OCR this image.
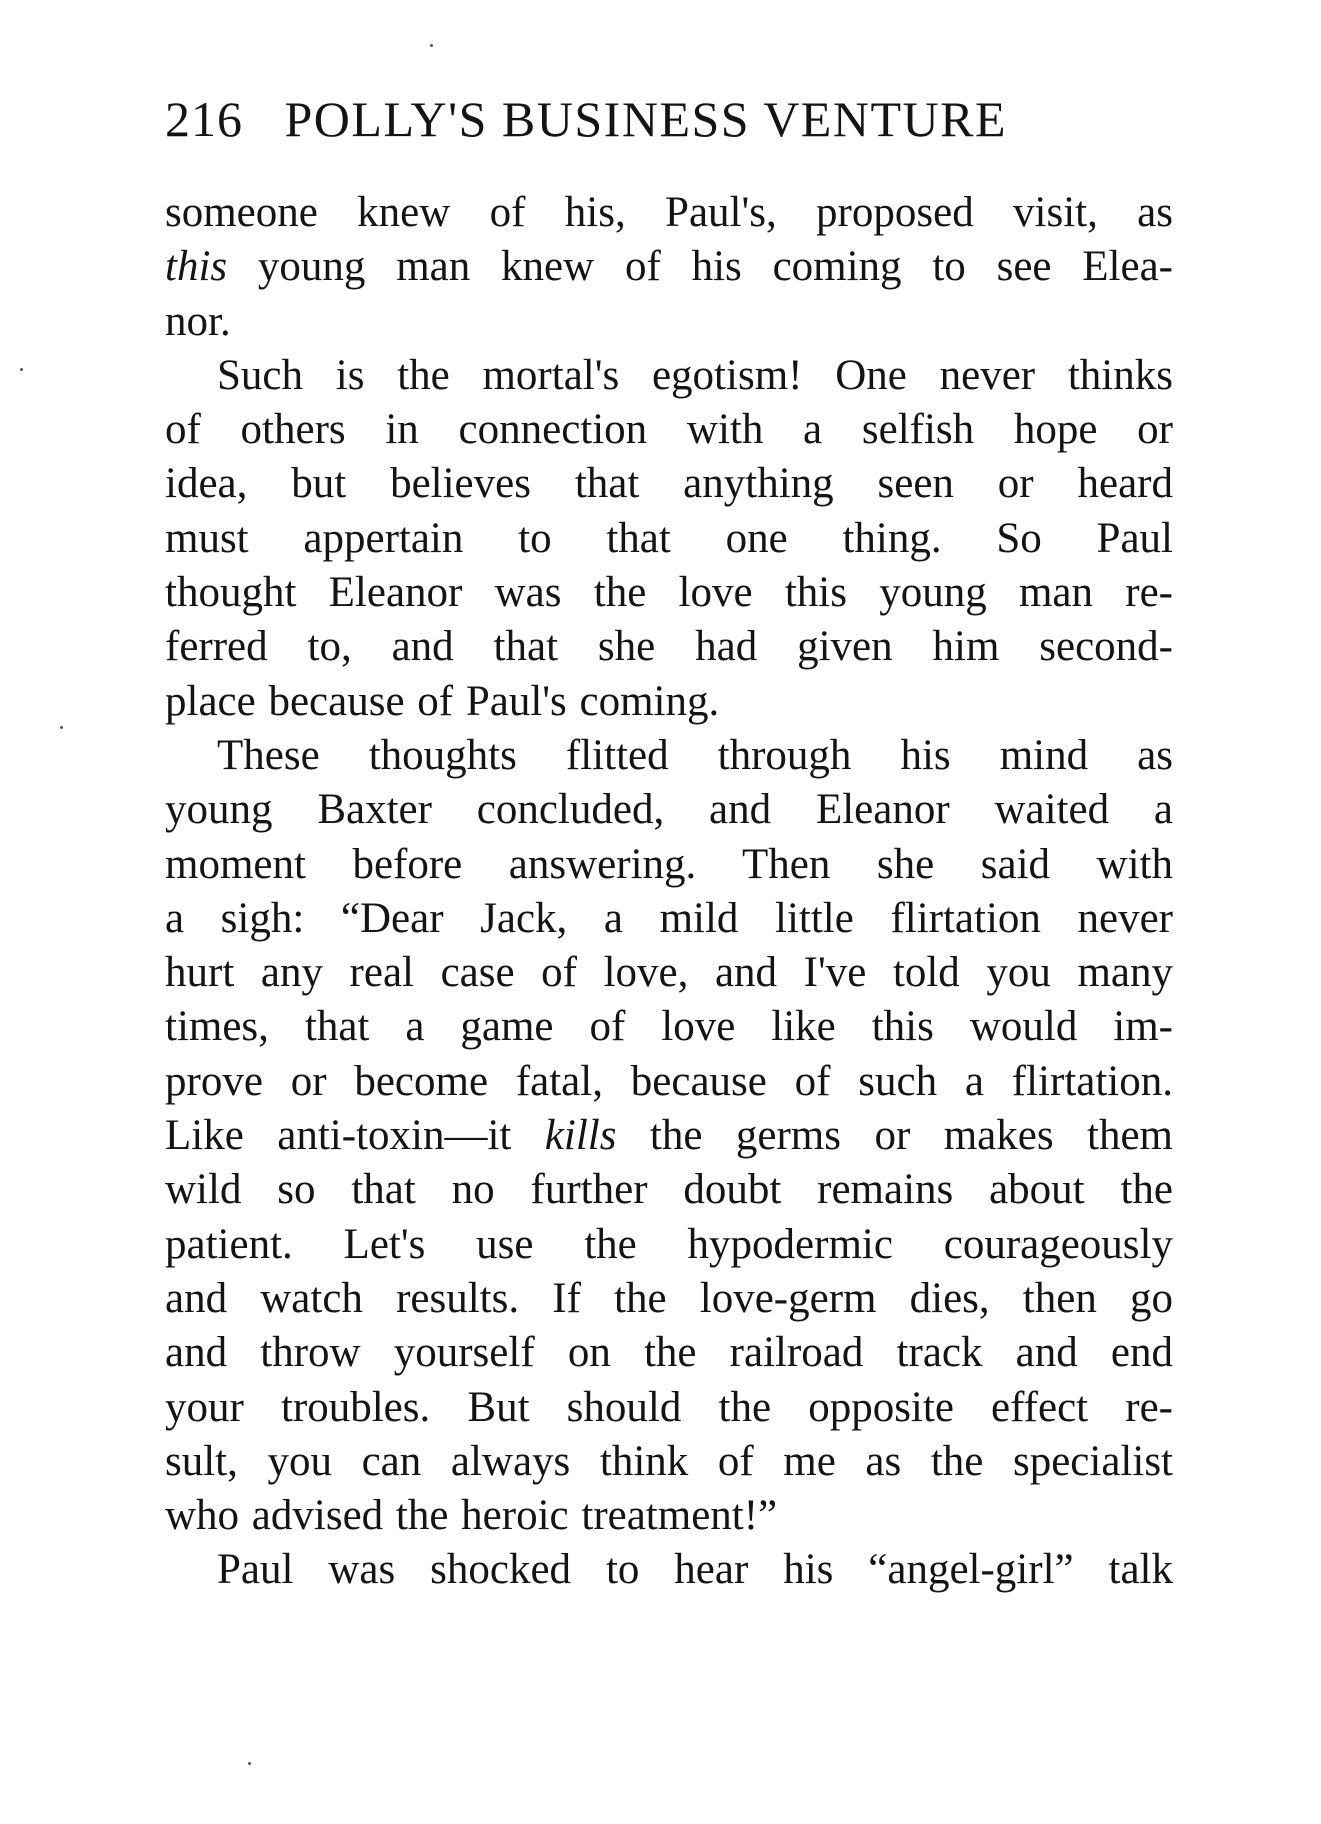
216 POLLY'S BUSINESS VENTURE
someone knew of his, Paul's, proposed visit, as
this young man knew of his coming to see Elea-
nor.
Such is the mortal's egotism! One never thinks
of others in connection with a selfish hope or
idea, but believes that anything seen or heard
must appertain to that one thing. So Paul
thought Eleanor was the love this young man re-
ferred to, and that she had given him second-
place because of Paul's coming.
These thoughts flitted through his mind as
young Baxter concluded, and Eleanor waited a
moment before answering. Then she said with
a sigh: “Dear Jack, a mild little flirtation never
hurt any real case of love, and I've told you many
times, that a game of love like this would im-
prove or become fatal, because of such a flirtation.
Like anti-toxin—it kills the germs or makes them
wild so that no further doubt remains about the
patient. Let's use the hypodermic courageously
and watch results. If the love-germ dies, then go
and throw yourself on the railroad track and end
your troubles. But should the opposite effect re-
sult, you can always think of me as the specialist
who advised the heroic treatment!”
Paul was shocked to hear his “angel-girl” talk
